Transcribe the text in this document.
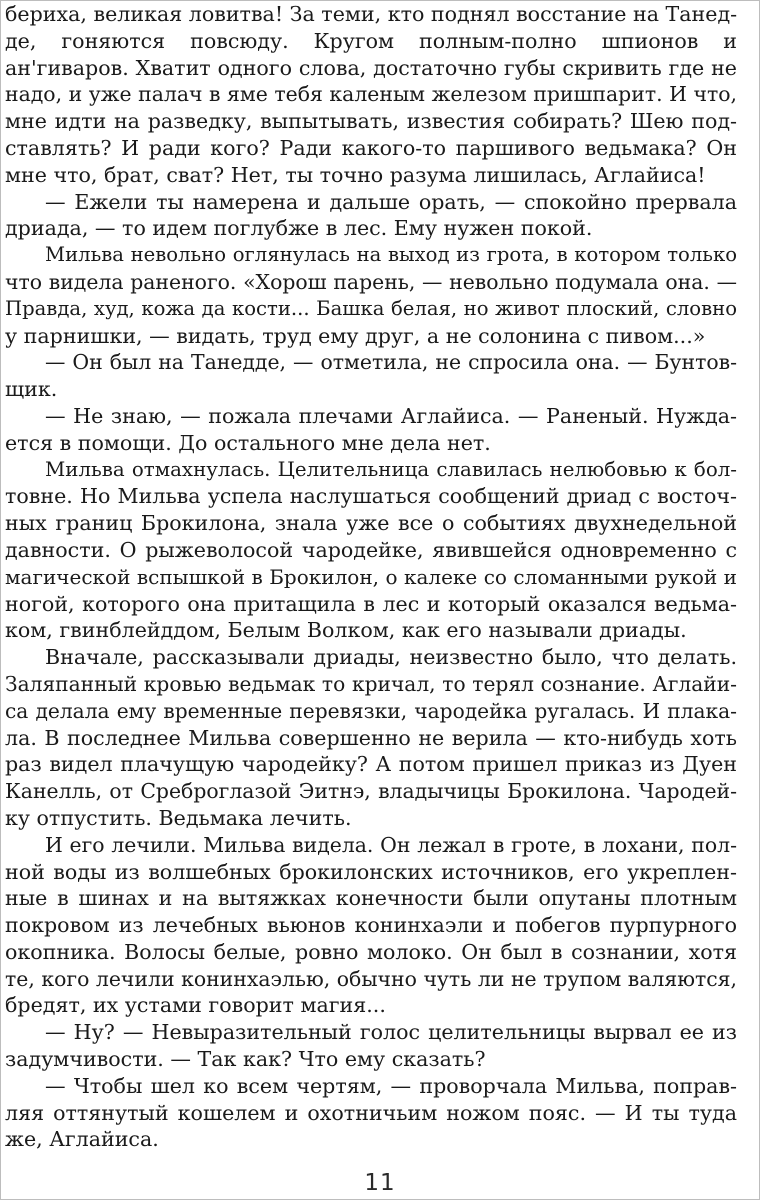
бериха, великая ловитва! За теми, кто поднял восстание на Танед-
де, гоняются повсюду. Кругом полным-полно шпионов и
ан'гиваров. Хватит одного слова, достаточно губы скривить где не
надо, и уже палач в яме тебя каленым железом пришпарит. И что,
мне идти на разведку, выпытывать, известия собирать? Шею под-
ставлять? И ради кого? Ради какого-то паршивого ведьмака? Он
мне что, брат, сват? Нет, ты точно разума лишилась, Аглайиса!
— Ежели ты намерена и дальше орать, — спокойно прервала
дриада, — то идем поглубже в лес. Ему нужен покой.
Мильва невольно оглянулась на выход из грота, в котором только
что видела раненого. «Хорош парень, — невольно подумала она. —
Правда, худ, кожа да кости... Башка белая, но живот плоский, словно
у парнишки, — видать, труд ему друг, а не солонина с пивом...»
— Он был на Танедде, — отметила, не спросила она. — Бунтов-
щик.
— Не знаю, — пожала плечами Аглайиса. — Раненый. Нужда-
ется в помощи. До остального мне дела нет.
Мильва отмахнулась. Целительница славилась нелюбовью к бол-
товне. Но Мильва успела наслушаться сообщений дриад с восточ-
ных границ Брокилона, знала уже все о событиях двухнедельной
давности. О рыжеволосой чародейке, явившейся одновременно с
магической вспышкой в Брокилон, о калеке со сломанными рукой и
ногой, которого она притащила в лес и который оказался ведьма-
ком, гвинблейддом, Белым Волком, как его называли дриады.
Вначале, рассказывали дриады, неизвестно было, что делать.
Заляпанный кровью ведьмак то кричал, то терял сознание. Аглайи-
са делала ему временные перевязки, чародейка ругалась. И плака-
ла. В последнее Мильва совершенно не верила — кто-нибудь хоть
раз видел плачущую чародейку? А потом пришел приказ из Дуен
Канелль, от Среброглазой Эитнэ, владычицы Брокилона. Чародей-
ку отпустить. Ведьмака лечить.
И его лечили. Мильва видела. Он лежал в гроте, в лохани, пол-
ной воды из волшебных брокилонских источников, его укреплен-
ные в шинах и на вытяжках конечности были опутаны плотным
покровом из лечебных вьюнов конинхаэли и побегов пурпурного
окопника. Волосы белые, ровно молоко. Он был в сознании, хотя
те, кого лечили конинхаэлью, обычно чуть ли не трупом валяются,
бредят, их устами говорит магия...
— Ну? — Невыразительный голос целительницы вырвал ее из
задумчивости. — Так как? Что ему сказать?
— Чтобы шел ко всем чертям, — проворчала Мильва, поправ-
ляя оттянутый кошелем и охотничьим ножом пояс. — И ты туда
же, Аглайиса.
11
